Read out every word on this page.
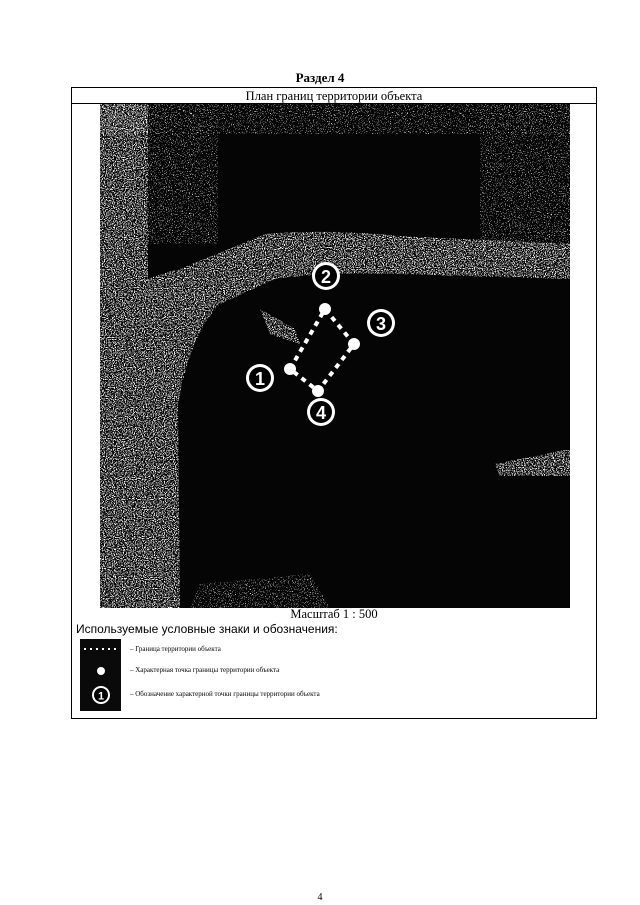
Раздел 4
План границ территории объекта
1
2
3
4
Масштаб 1 : 500
Используемые условные знаки и обозначения:
1
– Граница территории объекта
– Характерная точка границы территории объекта
– Обозначение характерной точки границы территории объекта
4
